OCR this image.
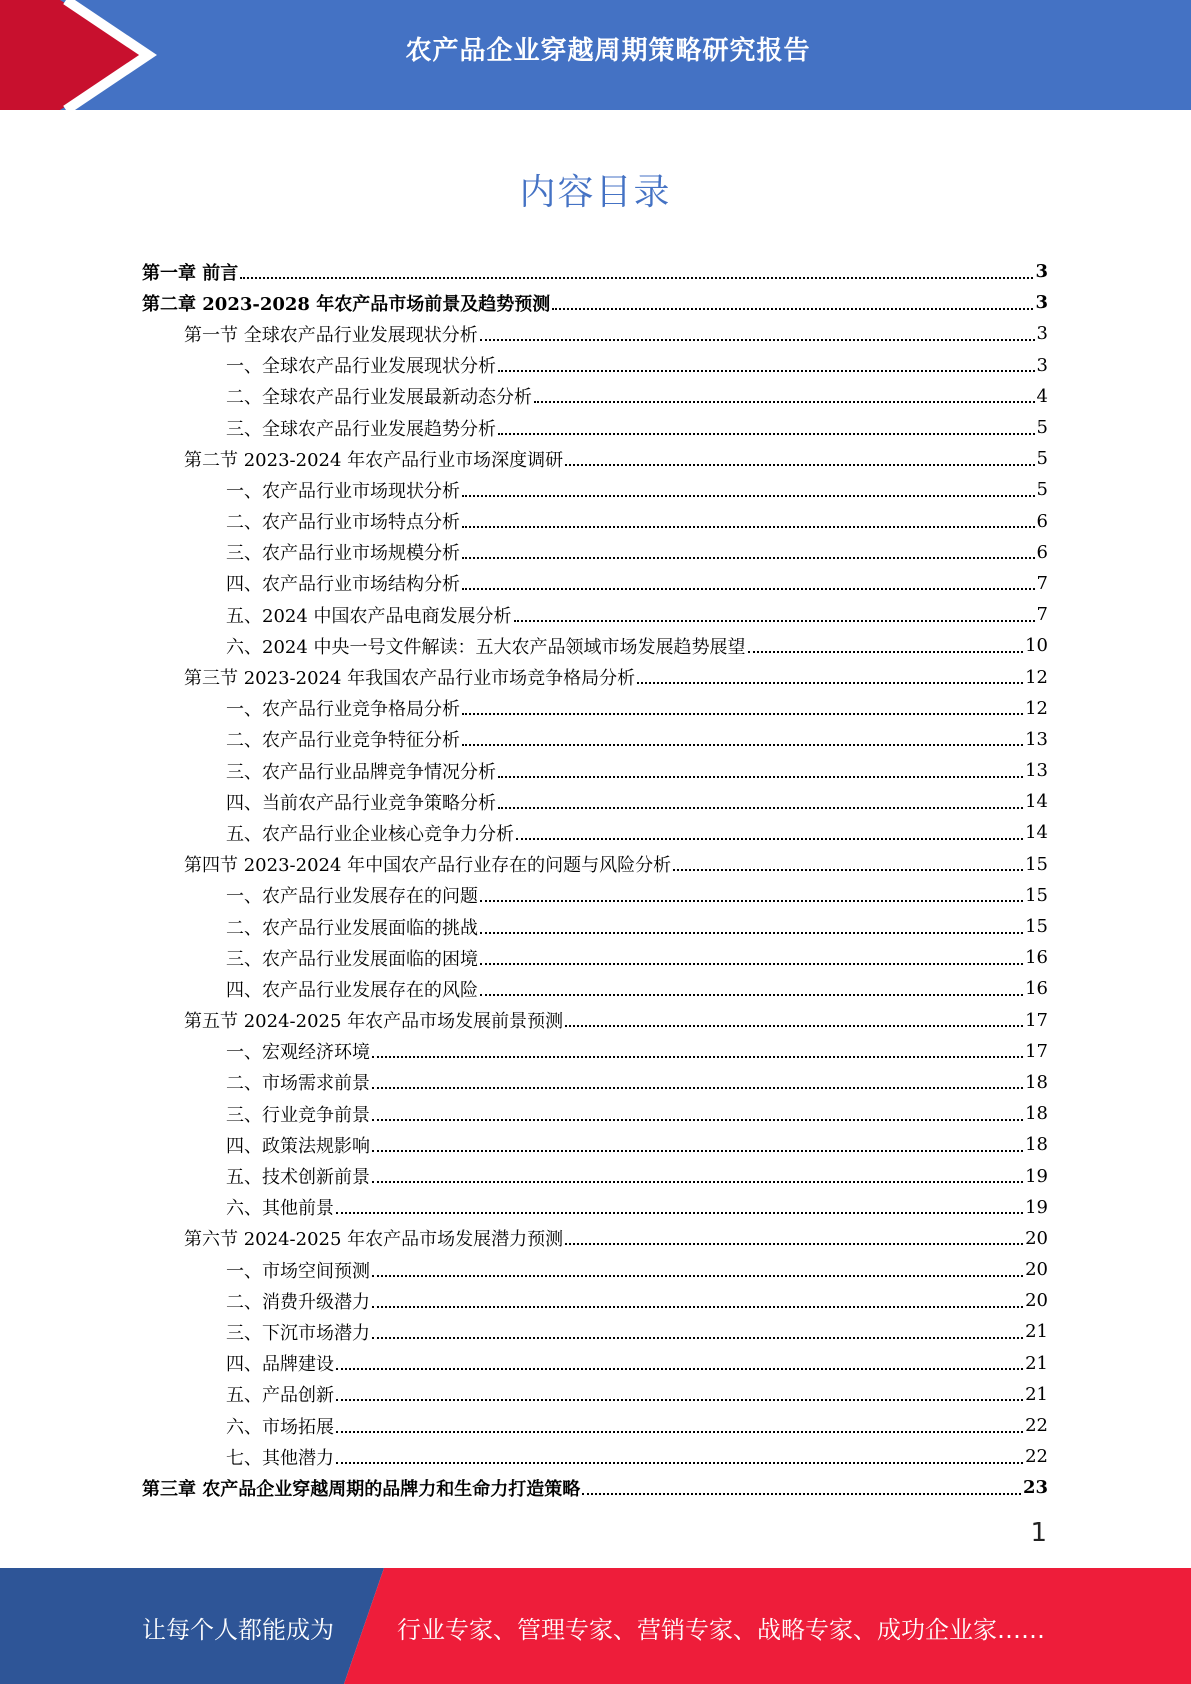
农产品企业穿越周期策略研究报告
内容目录
第一章 前言	3
第二章 2023-2028 年农产品市场前景及趋势预测	3
第一节 全球农产品行业发展现状分析	3
一、全球农产品行业发展现状分析	3
二、全球农产品行业发展最新动态分析	4
三、全球农产品行业发展趋势分析	5
第二节 2023-2024 年农产品行业市场深度调研	5
一、农产品行业市场现状分析	5
二、农产品行业市场特点分析	6
三、农产品行业市场规模分析	6
四、农产品行业市场结构分析	7
五、2024 中国农产品电商发展分析	7
六、2024 中央一号文件解读：五大农产品领域市场发展趋势展望	10
第三节 2023-2024 年我国农产品行业市场竞争格局分析	12
一、农产品行业竞争格局分析	12
二、农产品行业竞争特征分析	13
三、农产品行业品牌竞争情况分析	13
四、当前农产品行业竞争策略分析	14
五、农产品行业企业核心竞争力分析	14
第四节 2023-2024 年中国农产品行业存在的问题与风险分析	15
一、农产品行业发展存在的问题	15
二、农产品行业发展面临的挑战	15
三、农产品行业发展面临的困境	16
四、农产品行业发展存在的风险	16
第五节 2024-2025 年农产品市场发展前景预测	17
一、宏观经济环境	17
二、市场需求前景	18
三、行业竞争前景	18
四、政策法规影响	18
五、技术创新前景	19
六、其他前景	19
第六节 2024-2025 年农产品市场发展潜力预测	20
一、市场空间预测	20
二、消费升级潜力	20
三、下沉市场潜力	21
四、品牌建设	21
五、产品创新	21
六、市场拓展	22
七、其他潜力	22
第三章 农产品企业穿越周期的品牌力和生命力打造策略	23
1
让每个人都能成为	行业专家、管理专家、营销专家、战略专家、成功企业家……
